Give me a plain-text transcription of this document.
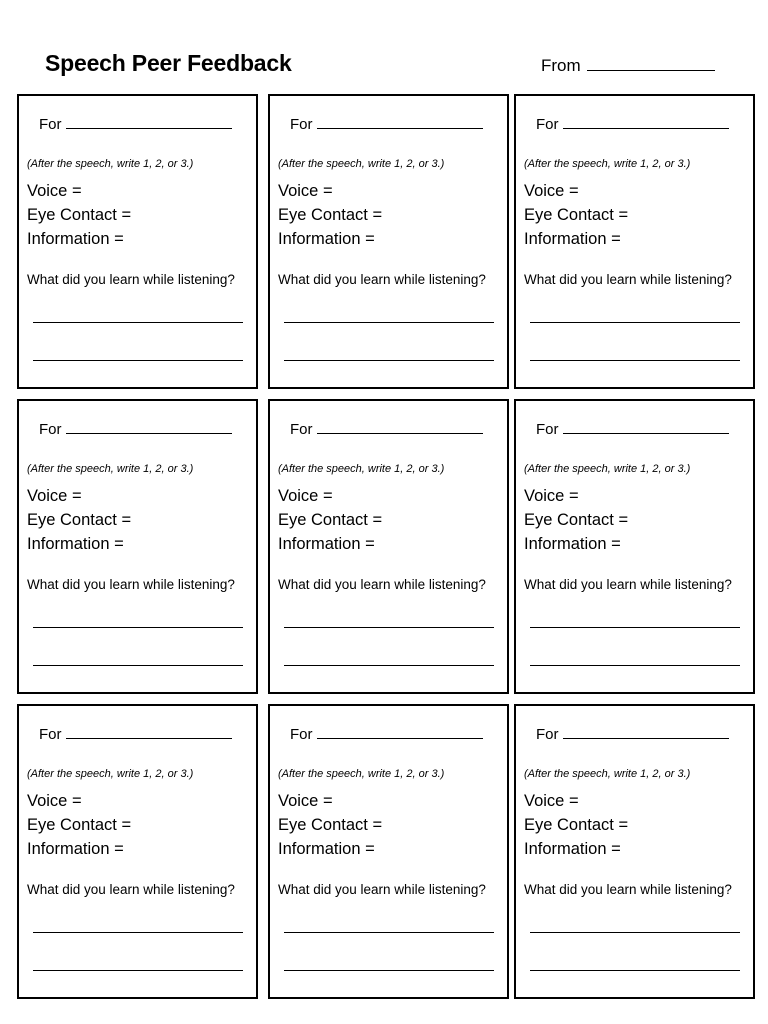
Speech Peer Feedback	From
For
(After the speech, write 1, 2, or 3.)
Voice =
Eye Contact =
Information =
What did you learn while listening?
For
(After the speech, write 1, 2, or 3.)
Voice =
Eye Contact =
Information =
What did you learn while listening?
For
(After the speech, write 1, 2, or 3.)
Voice =
Eye Contact =
Information =
What did you learn while listening?
For
(After the speech, write 1, 2, or 3.)
Voice =
Eye Contact =
Information =
What did you learn while listening?
For
(After the speech, write 1, 2, or 3.)
Voice =
Eye Contact =
Information =
What did you learn while listening?
For
(After the speech, write 1, 2, or 3.)
Voice =
Eye Contact =
Information =
What did you learn while listening?
For
(After the speech, write 1, 2, or 3.)
Voice =
Eye Contact =
Information =
What did you learn while listening?
For
(After the speech, write 1, 2, or 3.)
Voice =
Eye Contact =
Information =
What did you learn while listening?
For
(After the speech, write 1, 2, or 3.)
Voice =
Eye Contact =
Information =
What did you learn while listening?
